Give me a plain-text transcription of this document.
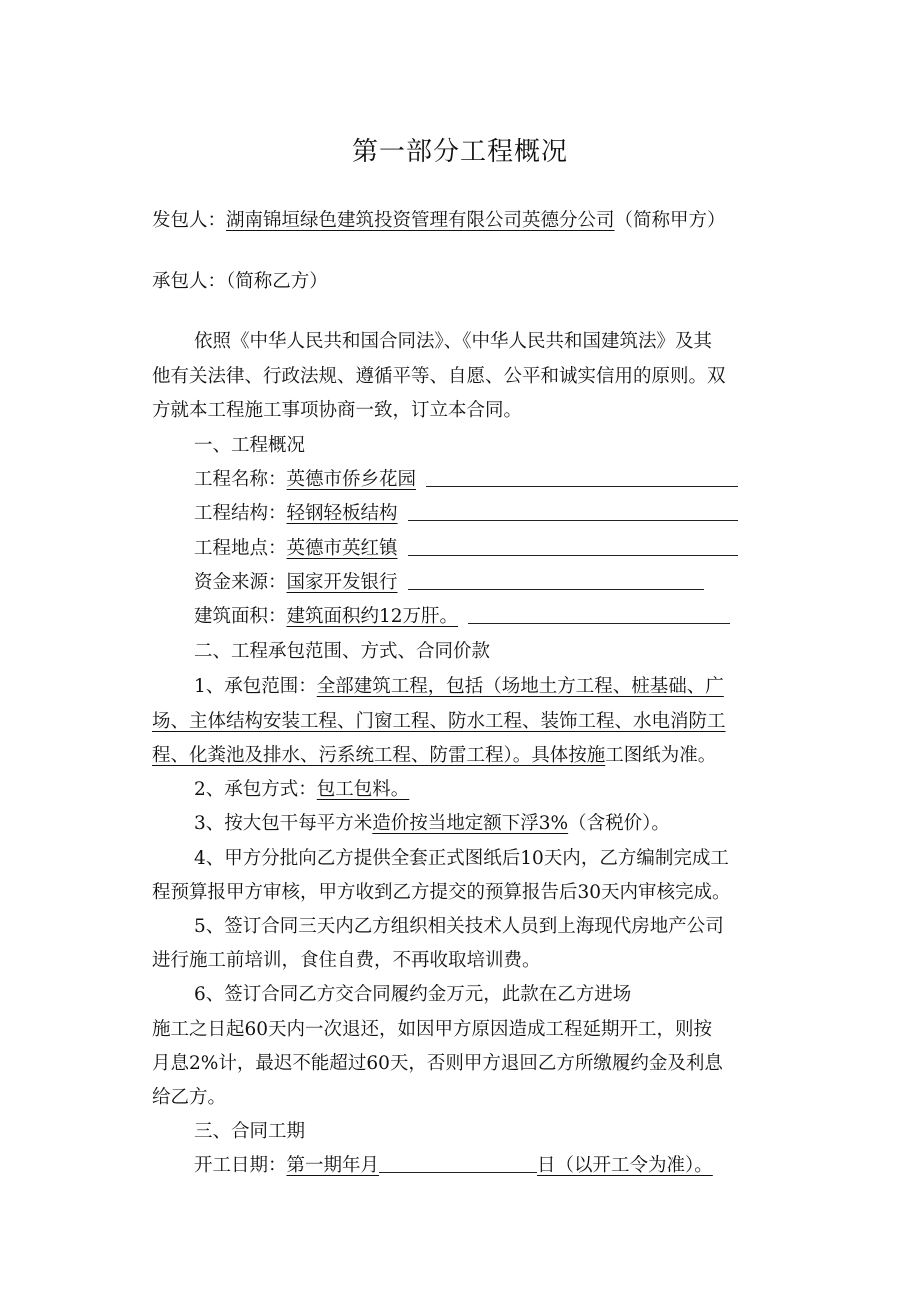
第一部分工程概况
发包人：湖南锦垣绿色建筑投资管理有限公司英德分公司（简称甲方）
承包人：（简称乙方）
依照《中华人民共和国合同法》、《中华人民共和国建筑法》及其
他有关法律、行政法规、遵循平等、自愿、公平和诚实信用的原则。双
方就本工程施工事项协商一致，订立本合同。
一、工程概况
工程名称：英德市侨乡花园
工程结构：轻钢轻板结构
工程地点：英德市英红镇
资金来源：国家开发银行
建筑面积：建筑面积约12万肝。
二、工程承包范围、方式、合同价款
1、承包范围：全部建筑工程，包括（场地土方工程、桩基础、广
场、主体结构安装工程、门窗工程、防水工程、装饰工程、水电消防工
程、化粪池及排水、污系统工程、防雷工程）。具体按施工图纸为准。
2、承包方式：包工包料。
3、按大包干每平方米造价按当地定额下浮3%（含税价）。
4、甲方分批向乙方提供全套正式图纸后10天内，乙方编制完成工
程预算报甲方审核，甲方收到乙方提交的预算报告后30天内审核完成。
5、签订合同三天内乙方组织相关技术人员到上海现代房地产公司
进行施工前培训，食住自费，不再收取培训费。
6、签订合同乙方交合同履约金万元，此款在乙方进场
施工之日起60天内一次退还，如因甲方原因造成工程延期开工，则按
月息2%计，最迟不能超过60天，否则甲方退回乙方所缴履约金及利息
给乙方。
三、合同工期
开工日期：第一期年月	日（以开工令为准）。
